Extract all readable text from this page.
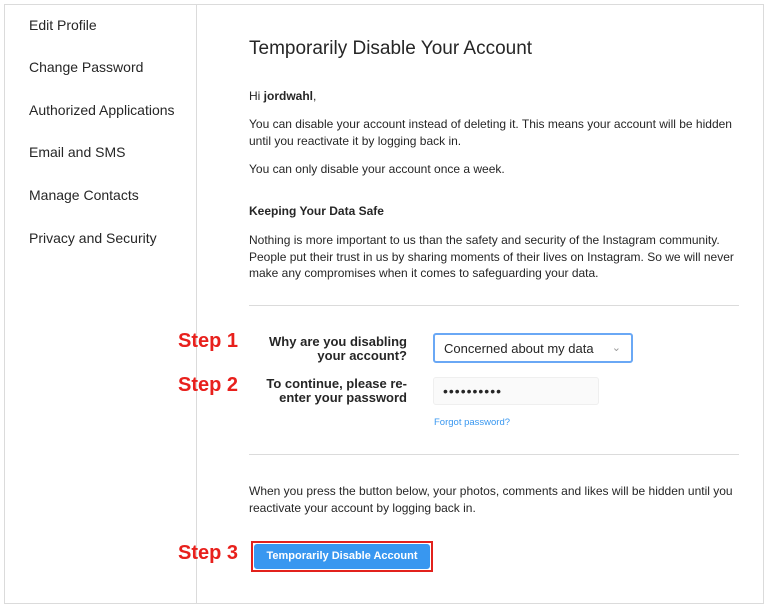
Edit Profile
Change Password
Authorized Applications
Email and SMS
Manage Contacts
Privacy and Security
Temporarily Disable Your Account

Hi jordwahl,

You can disable your account instead of deleting it. This means your account will be hidden until you reactivate it by logging back in.

You can only disable your account once a week.

Keeping Your Data Safe

Nothing is more important to us than the safety and security of the Instagram community. People put their trust in us by sharing moments of their lives on Instagram. So we will never make any compromises when it comes to safeguarding your data.

Step 1	Why are you disabling
your account?	Concerned about my data ⌄
Step 2	To continue, please re-
enter your password	••••••••••
Forgot password?

When you press the button below, your photos, comments and likes will be hidden until you reactivate your account by logging back in.

Step 3	Temporarily Disable Account
